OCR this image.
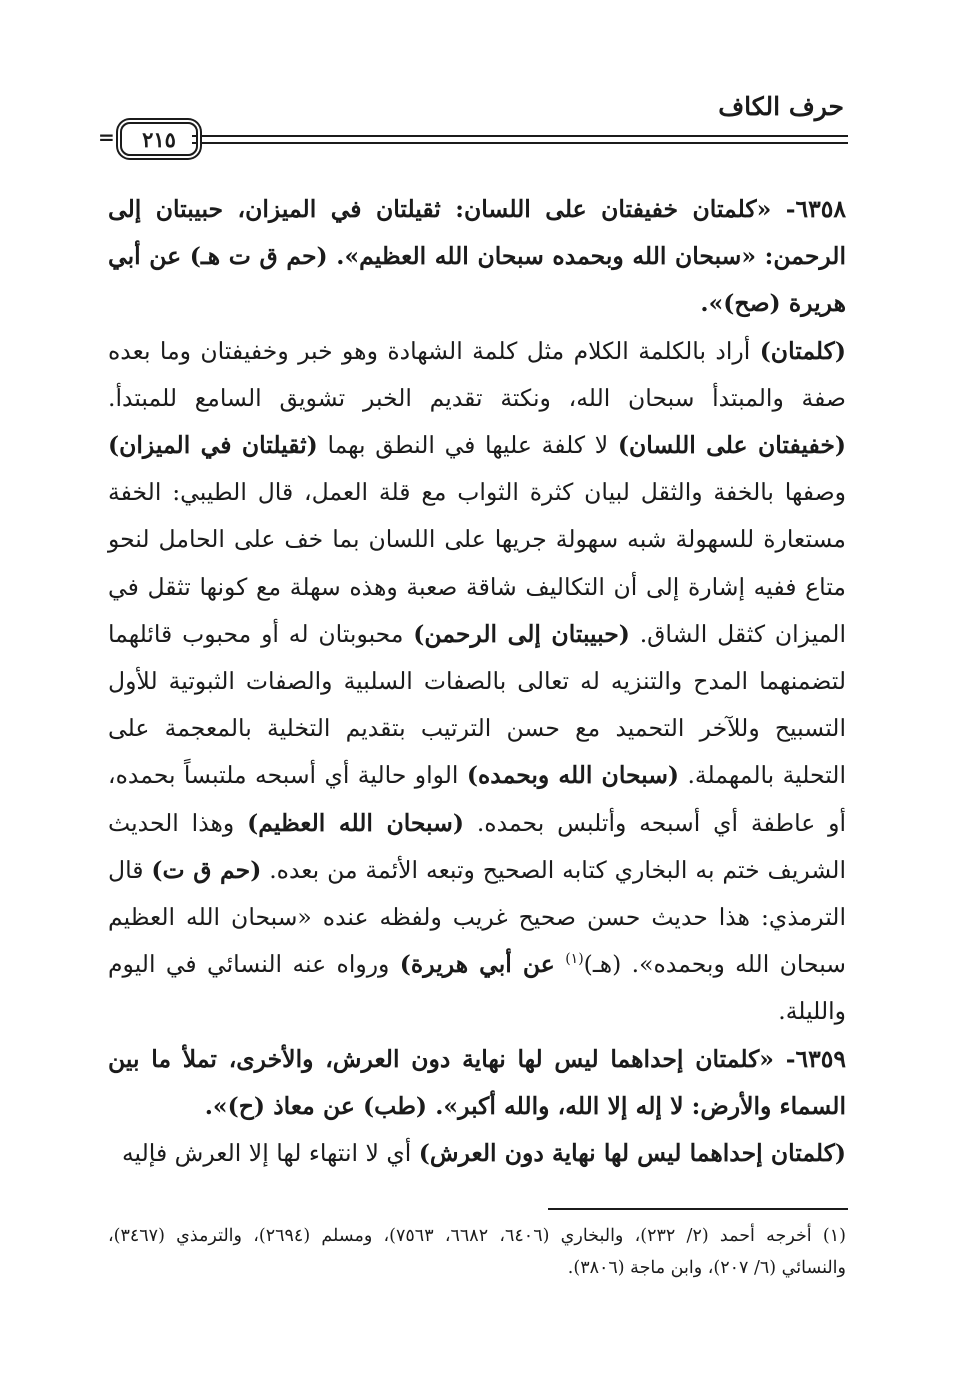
حرف الكاف
٢١٥
=

٦٣٥٨- «كلمتان خفيفتان على اللسان: ثقيلتان في الميزان، حبيبتان إلى الرحمن: «سبحان الله وبحمده سبحان الله العظيم». (حم ق ت هـ) عن أبي هريرة (صح)».

(كلمتان) أراد بالكلمة الكلام مثل كلمة الشهادة وهو خبر وخفيفتان وما بعده صفة والمبتدأ سبحان الله، ونكتة تقديم الخبر تشويق السامع للمبتدأ. (خفيفتان على اللسان) لا كلفة عليها في النطق بهما (ثقيلتان في الميزان) وصفها بالخفة والثقل لبيان كثرة الثواب مع قلة العمل، قال الطيبي: الخفة مستعارة للسهولة شبه سهولة جريها على اللسان بما خف على الحامل لنحو متاع ففيه إشارة إلى أن التكاليف شاقة صعبة وهذه سهلة مع كونها تثقل في الميزان كثقل الشاق. (حبيبتان إلى الرحمن) محبوبتان له أو محبوب قائلهما لتضمنهما المدح والتنزيه له تعالى بالصفات السلبية والصفات الثبوتية للأول التسبيح وللآخر التحميد مع حسن الترتيب بتقديم التخلية بالمعجمة على التحلية بالمهملة. (سبحان الله وبحمده) الواو حالية أي أسبحه ملتبساً بحمده، أو عاطفة أي أسبحه وأتلبس بحمده. (سبحان الله العظيم) وهذا الحديث الشريف ختم به البخاري كتابه الصحيح وتبعه الأئمة من بعده. (حم ق ت) قال الترمذي: هذا حديث حسن صحيح غريب ولفظه عنده «سبحان الله العظيم سبحان الله وبحمده». (هـ)$^{(١)}$ عن أبي هريرة) ورواه عنه النسائي في اليوم والليلة.

٦٣٥٩- «كلمتان إحداهما ليس لها نهاية دون العرش، والأخرى، تملأ ما بين السماء والأرض: لا إله إلا الله، والله أكبر». (طب) عن معاذ (ح)».

(كلمتان إحداهما ليس لها نهاية دون العرش) أي لا انتهاء لها إلا العرش فإليه

(١) أخرجه أحمد (٢/ ٢٣٢)، والبخاري (٦٤٠٦، ٦٦٨٢، ٧٥٦٣)، ومسلم (٢٦٩٤)، والترمذي (٣٤٦٧)، والنسائي (٦/ ٢٠٧)، وابن ماجة (٣٨٠٦).
